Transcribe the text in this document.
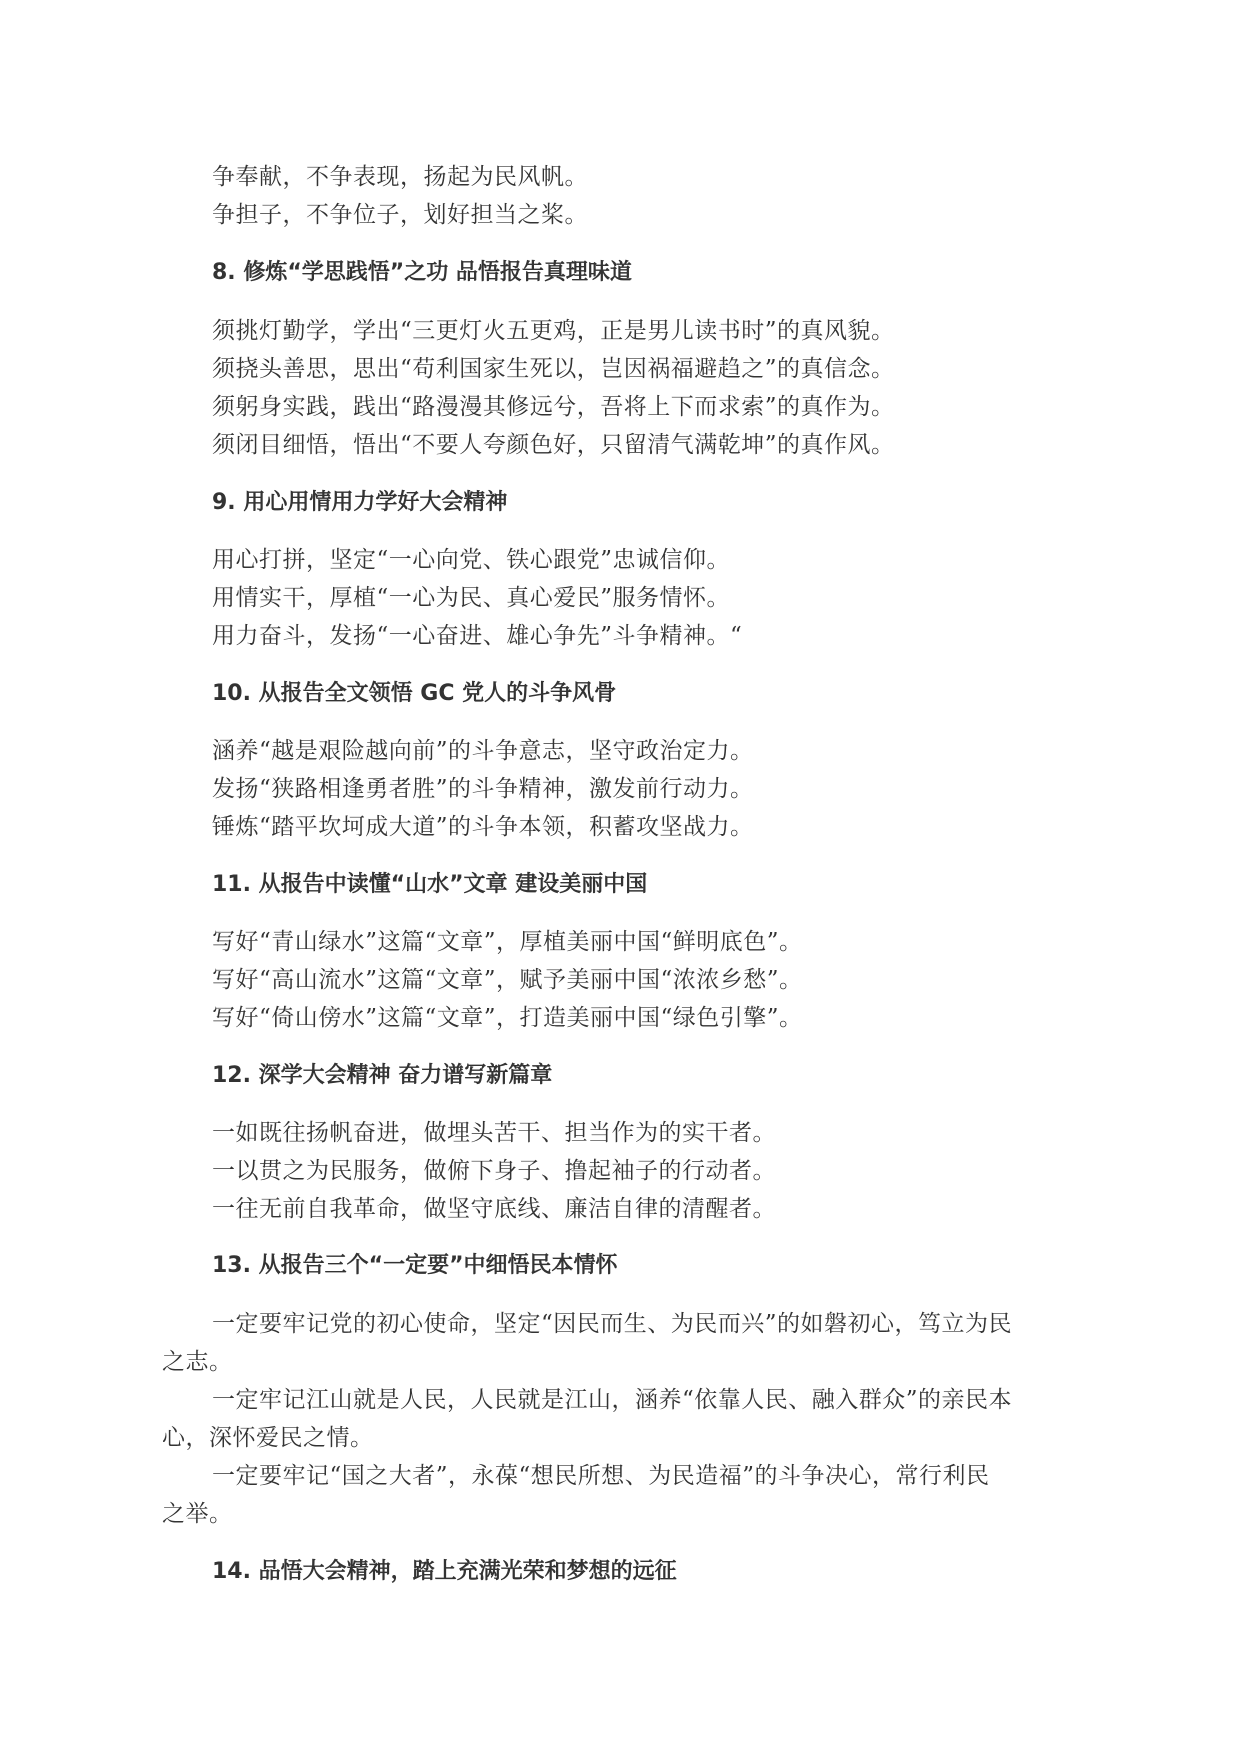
争奉献，不争表现，扬起为民风帆。
争担子，不争位子，划好担当之桨。
8. 修炼“学思践悟”之功 品悟报告真理味道
须挑灯勤学，学出“三更灯火五更鸡，正是男儿读书时”的真风貌。
须挠头善思，思出“苟利国家生死以，岂因祸福避趋之”的真信念。
须躬身实践，践出“路漫漫其修远兮，吾将上下而求索”的真作为。
须闭目细悟，悟出“不要人夸颜色好，只留清气满乾坤”的真作风。
9. 用心用情用力学好大会精神
用心打拼，坚定“一心向党、铁心跟党”忠诚信仰。
用情实干，厚植“一心为民、真心爱民”服务情怀。
用力奋斗，发扬“一心奋进、雄心争先”斗争精神。“
10. 从报告全文领悟 GC 党人的斗争风骨
涵养“越是艰险越向前”的斗争意志，坚守政治定力。
发扬“狭路相逢勇者胜”的斗争精神，激发前行动力。
锤炼“踏平坎坷成大道”的斗争本领，积蓄攻坚战力。
11. 从报告中读懂“山水”文章 建设美丽中国
写好“青山绿水”这篇“文章”，厚植美丽中国“鲜明底色”。
写好“高山流水”这篇“文章”，赋予美丽中国“浓浓乡愁”。
写好“倚山傍水”这篇“文章”，打造美丽中国“绿色引擎”。
12. 深学大会精神 奋力谱写新篇章
一如既往扬帆奋进，做埋头苦干、担当作为的实干者。
一以贯之为民服务，做俯下身子、撸起袖子的行动者。
一往无前自我革命，做坚守底线、廉洁自律的清醒者。
13. 从报告三个“一定要”中细悟民本情怀
一定要牢记党的初心使命，坚定“因民而生、为民而兴”的如磐初心，笃立为民
之志。
一定牢记江山就是人民，人民就是江山，涵养“依靠人民、融入群众”的亲民本
心，深怀爱民之情。
一定要牢记“国之大者”，永葆“想民所想、为民造福”的斗争决心，常行利民
之举。
14. 品悟大会精神，踏上充满光荣和梦想的远征
